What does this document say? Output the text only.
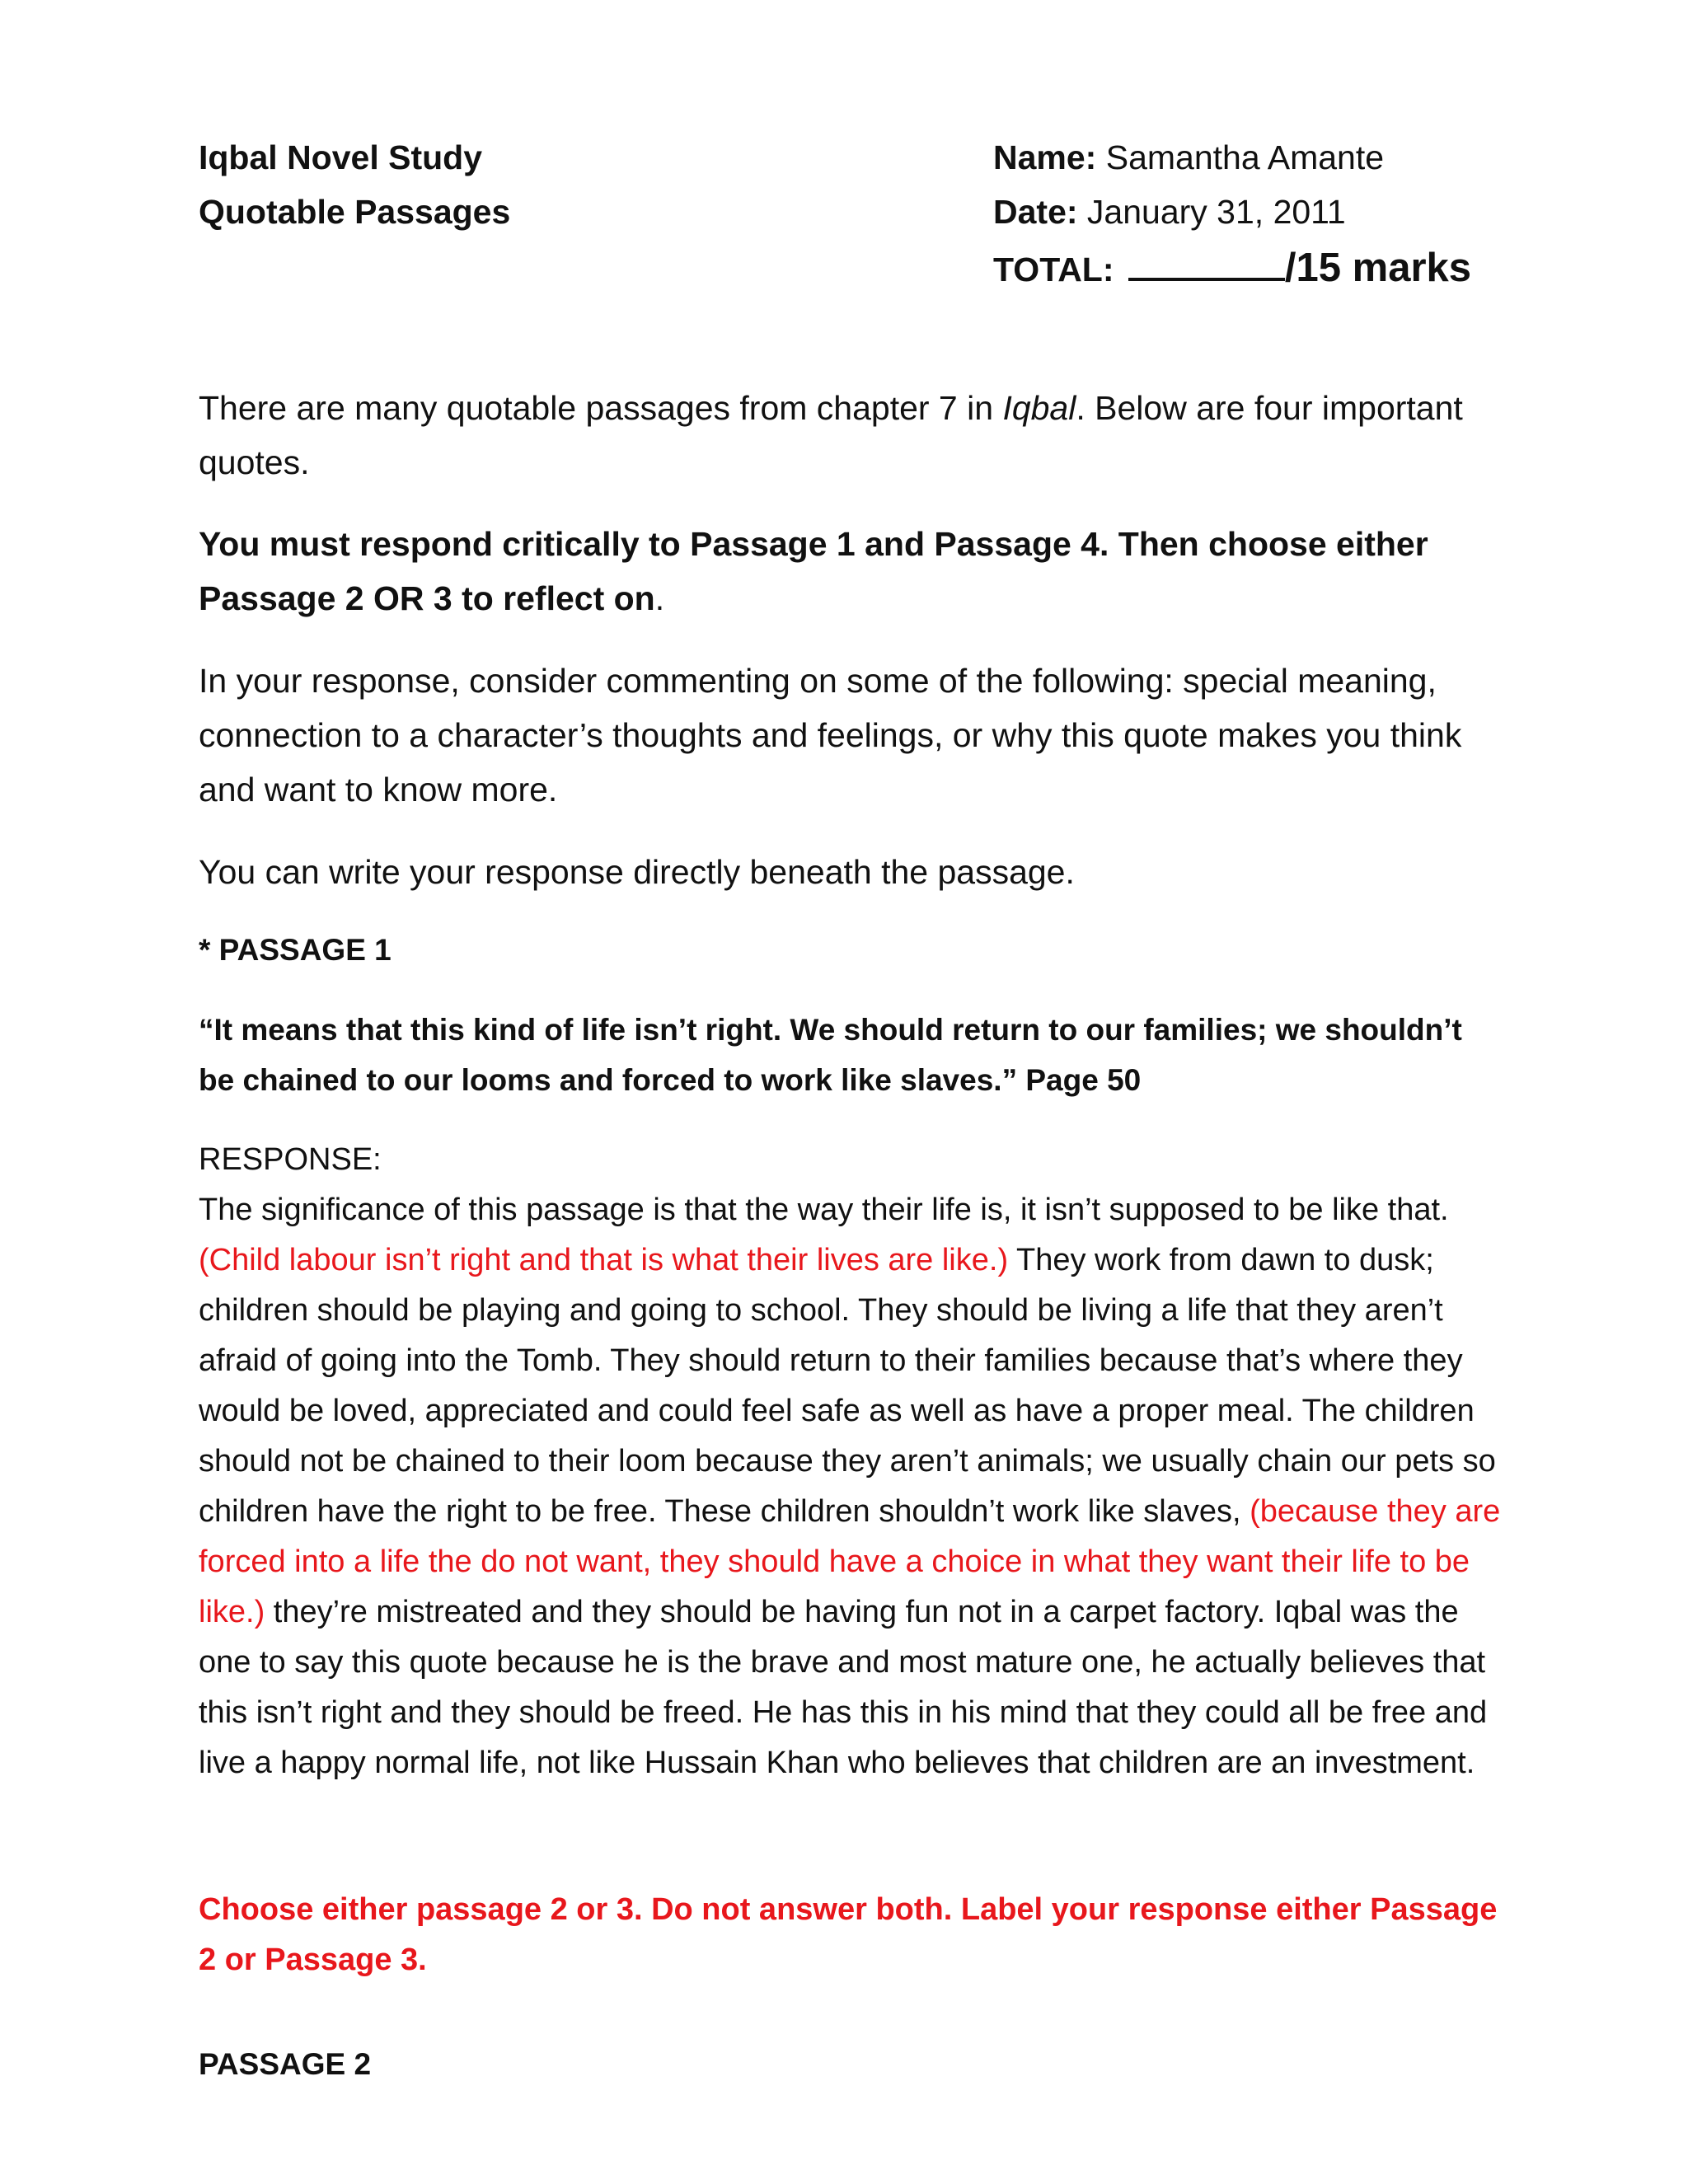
Iqbal Novel Study
Quotable Passages
Name: Samantha Amante
Date: January 31, 2011
TOTAL:	/15 marks

There are many quotable passages from chapter 7 in Iqbal. Below are four important quotes.

You must respond critically to Passage 1 and Passage 4. Then choose either Passage 2 OR 3 to reflect on.

In your response, consider commenting on some of the following: special meaning, connection to a character’s thoughts and feelings, or why this quote makes you think and want to know more.

You can write your response directly beneath the passage.

* PASSAGE 1
“It means that this kind of life isn’t right. We should return to our families; we shouldn’t be chained to our looms and forced to work like slaves.” Page 50
RESPONSE:
The significance of this passage is that the way their life is, it isn’t supposed to be like that. (Child labour isn’t right and that is what their lives are like.) They work from dawn to dusk; children should be playing and going to school. They should be living a life that they aren’t afraid of going into the Tomb. They should return to their families because that’s where they would be loved, appreciated and could feel safe as well as have a proper meal. The children should not be chained to their loom because they aren’t animals; we usually chain our pets so children have the right to be free. These children shouldn’t work like slaves, (because they are forced into a life the do not want, they should have a choice in what they want their life to be like.) they’re mistreated and they should be having fun not in a carpet factory. Iqbal was the one to say this quote because he is the brave and most mature one, he actually believes that this isn’t right and they should be freed. He has this in his mind that they could all be free and live a happy normal life, not like Hussain Khan who believes that children are an investment.
Choose either passage 2 or 3. Do not answer both. Label your response either Passage 2 or Passage 3.
PASSAGE 2
